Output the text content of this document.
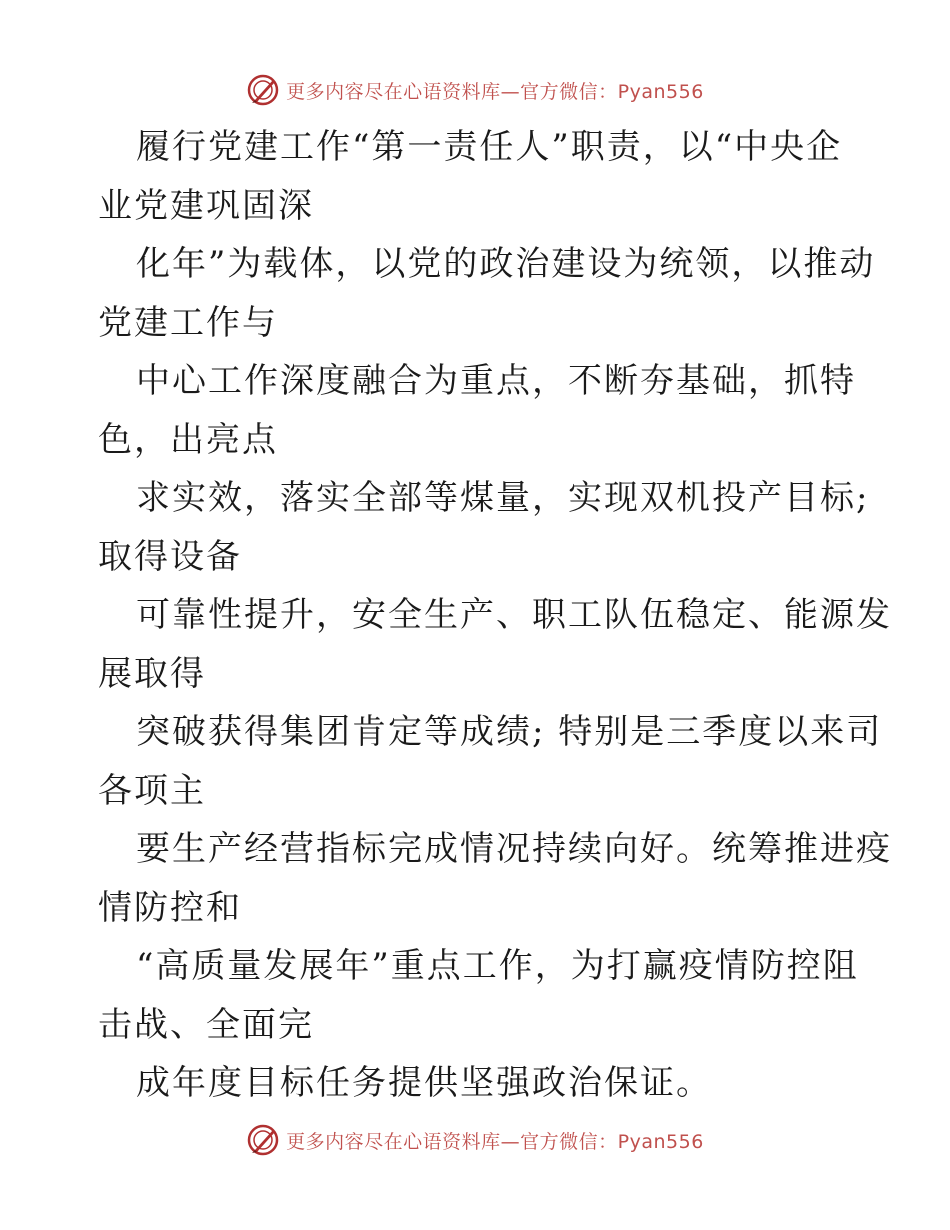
更多内容尽在心语资料库—官方微信：Pyan556
履行党建工作“第一责任人”职责，以“中央企
业党建巩固深
化年”为载体，以党的政治建设为统领，以推动
党建工作与
中心工作深度融合为重点，不断夯基础，抓特
色，出亮点
求实效，落实全部等煤量，实现双机投产目标;
取得设备
可靠性提升，安全生产、职工队伍稳定、能源发
展取得
突破获得集团肯定等成绩; 特别是三季度以来司
各项主
要生产经营指标完成情况持续向好。统筹推进疫
情防控和
“高质量发展年”重点工作，为打赢疫情防控阻
击战、全面完
成年度目标任务提供坚强政治保证。
更多内容尽在心语资料库—官方微信：Pyan556
